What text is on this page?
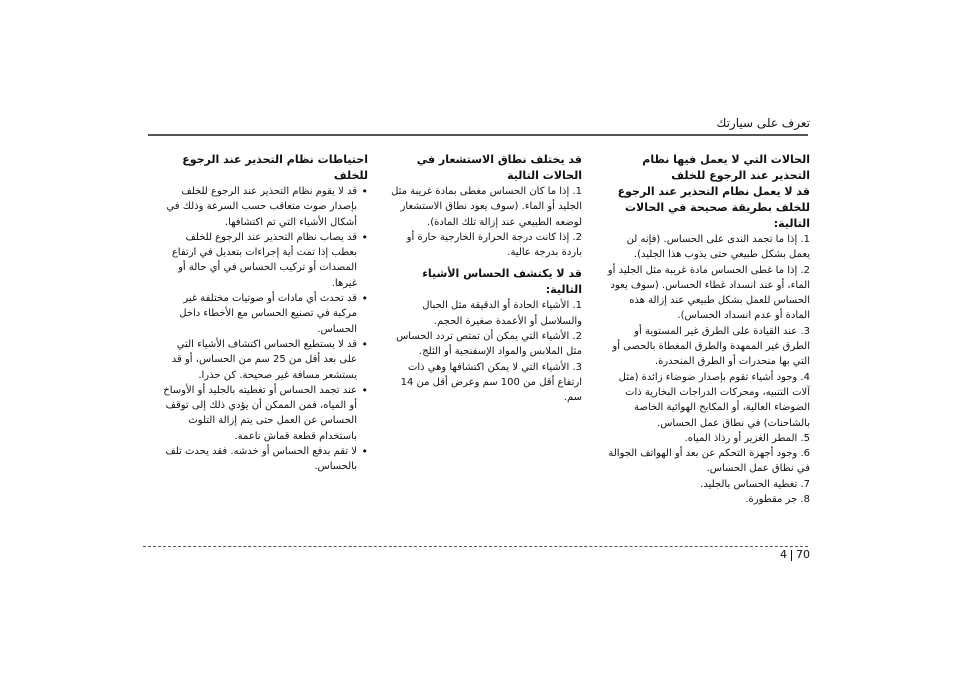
تعرف على سيارتك
الحالات التي لا يعمل فيها نظام التحذير عند الرجوع للخلف
قد لا يعمل نظام التحذير عند الرجوع للخلف بطريقة صحيحة في الحالات التالية:
1. إذا ما تجمد الندى على الحساس. (فإنه لن يعمل بشكل طبيعي حتى يذوب هذا الجليد).
2. إذا ما غطى الحساس مادة غريبة مثل الجليد أو الماء، أو عند انسداد غطاء الحساس. (سوف يعود الحساس للعمل بشكل طبيعي عند إزالة هذه المادة أو عدم انسداد الحساس).
3. عند القيادة على الطرق غير المستوية أو الطرق غير الممهدة والطرق المغطاة بالحصى أو التي بها منحدرات أو الطرق المنحدرة.
4. وجود أشياء تقوم بإصدار ضوضاء زائدة (مثل آلات التنبيه، ومحركات الدراجات البخارية ذات الضوضاء العالية، أو المكابح الهوائية الخاصة بالشاحنات) في نطاق عمل الحساس.
5. المطر الغزير أو رذاذ المياه.
6. وجود أجهزة التحكم عن بعد أو الهواتف الجوالة في نطاق عمل الحساس.
7. تغطية الحساس بالجليد.
8. جر مقطورة.
قد يختلف نطاق الاستشعار في الحالات التالية
1. إذا ما كان الحساس مغطى بمادة غريبة مثل الجليد أو الماء. (سوف يعود نطاق الاستشعار لوضعه الطبيعي عند إزالة تلك المادة).
2. إذا كانت درجة الحرارة الخارجية حارة أو باردة بدرجة عالية.
قد لا يكتشف الحساس الأشياء التالية:
1. الأشياء الحادة أو الدقيقة مثل الحبال والسلاسل أو الأعمدة صغيرة الحجم.
2. الأشياء التي يمكن أن تمتص تردد الحساس مثل الملابس والمواد الإسفنجية أو الثلج.
3. الأشياء التي لا يمكن اكتشافها وهي ذات ارتفاع أقل من 100 سم وعرض أقل من 14 سم.
احتياطات نظام التحذير عند الرجوع للخلف
• قد لا يقوم نظام التحذير عند الرجوع للخلف بإصدار صوت متعاقب حسب السرعة وذلك في أشكال الأشياء التي تم اكتشافها.
• قد يصاب نظام التحذير عند الرجوع للخلف بعطب إذا تمت أية إجراءات بتعديل في ارتفاع المصدات أو تركيب الحساس في أي حالة أو غيرها.
• قد تحدث أي مادات أو صوتيات مختلفة غير مركبة في تصنيع الحساس مع الأخطاء داخل الحساس.
• قد لا يستطيع الحساس اكتشاف الأشياء التي على بعد أقل من 25 سم من الحساس، أو قد يستشعر مسافة غير صحيحة. كن حذرا.
• عند تجمد الحساس أو تغطيته بالجليد أو الأوساخ أو المياه، فمن الممكن أن يؤدي ذلك إلى توقف الحساس عن العمل حتى يتم إزالة التلوث باستخدام قطعة قماش ناعمة.
• لا تقم بدفع الحساس أو خدشه. فقد يحدث تلف بالحساس.
4 70
